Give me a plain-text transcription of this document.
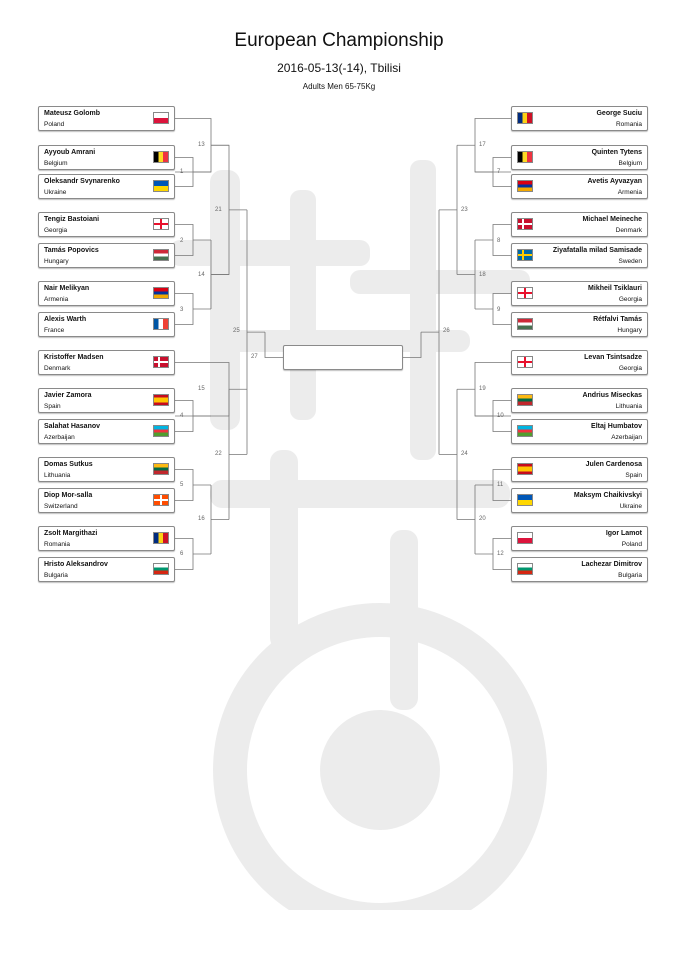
European Championship
2016-05-13(-14), Tbilisi
Adults Men 65-75Kg
Mateusz Golomb
Poland
Ayyoub Amrani
Belgium
Oleksandr Svynarenko
Ukraine
Tengiz Bastoiani
Georgia
Tamás Popovics
Hungary
Nair Melikyan
Armenia
Alexis Warth
France
Kristoffer Madsen
Denmark
Javier Zamora
Spain
Salahat Hasanov
Azerbaijan
Domas Sutkus
Lithuania
Diop Mor-salla
Switzerland
Zsolt Margithazi
Romania
Hristo Aleksandrov
Bulgaria
George Suciu
Romania
Quinten Tytens
Belgium
Avetis Ayvazyan
Armenia
Michael Meineche
Denmark
Ziyafatalla milad Samisade
Sweden
Mikheil Tsiklauri
Georgia
Rétfalvi Tamás
Hungary
Levan Tsintsadze
Georgia
Andrius Miseckas
Lithuania
Eltaj Humbatov
Azerbaijan
Julen Cardenosa
Spain
Maksym Chaikivskyi
Ukraine
Igor Lamot
Poland
Lachezar Dimitrov
Bulgaria
13
1
21
2
14
3
25
27
15
4
22
5
16
6
17
7
23
8
18
9
26
19
10
24
11
20
12
